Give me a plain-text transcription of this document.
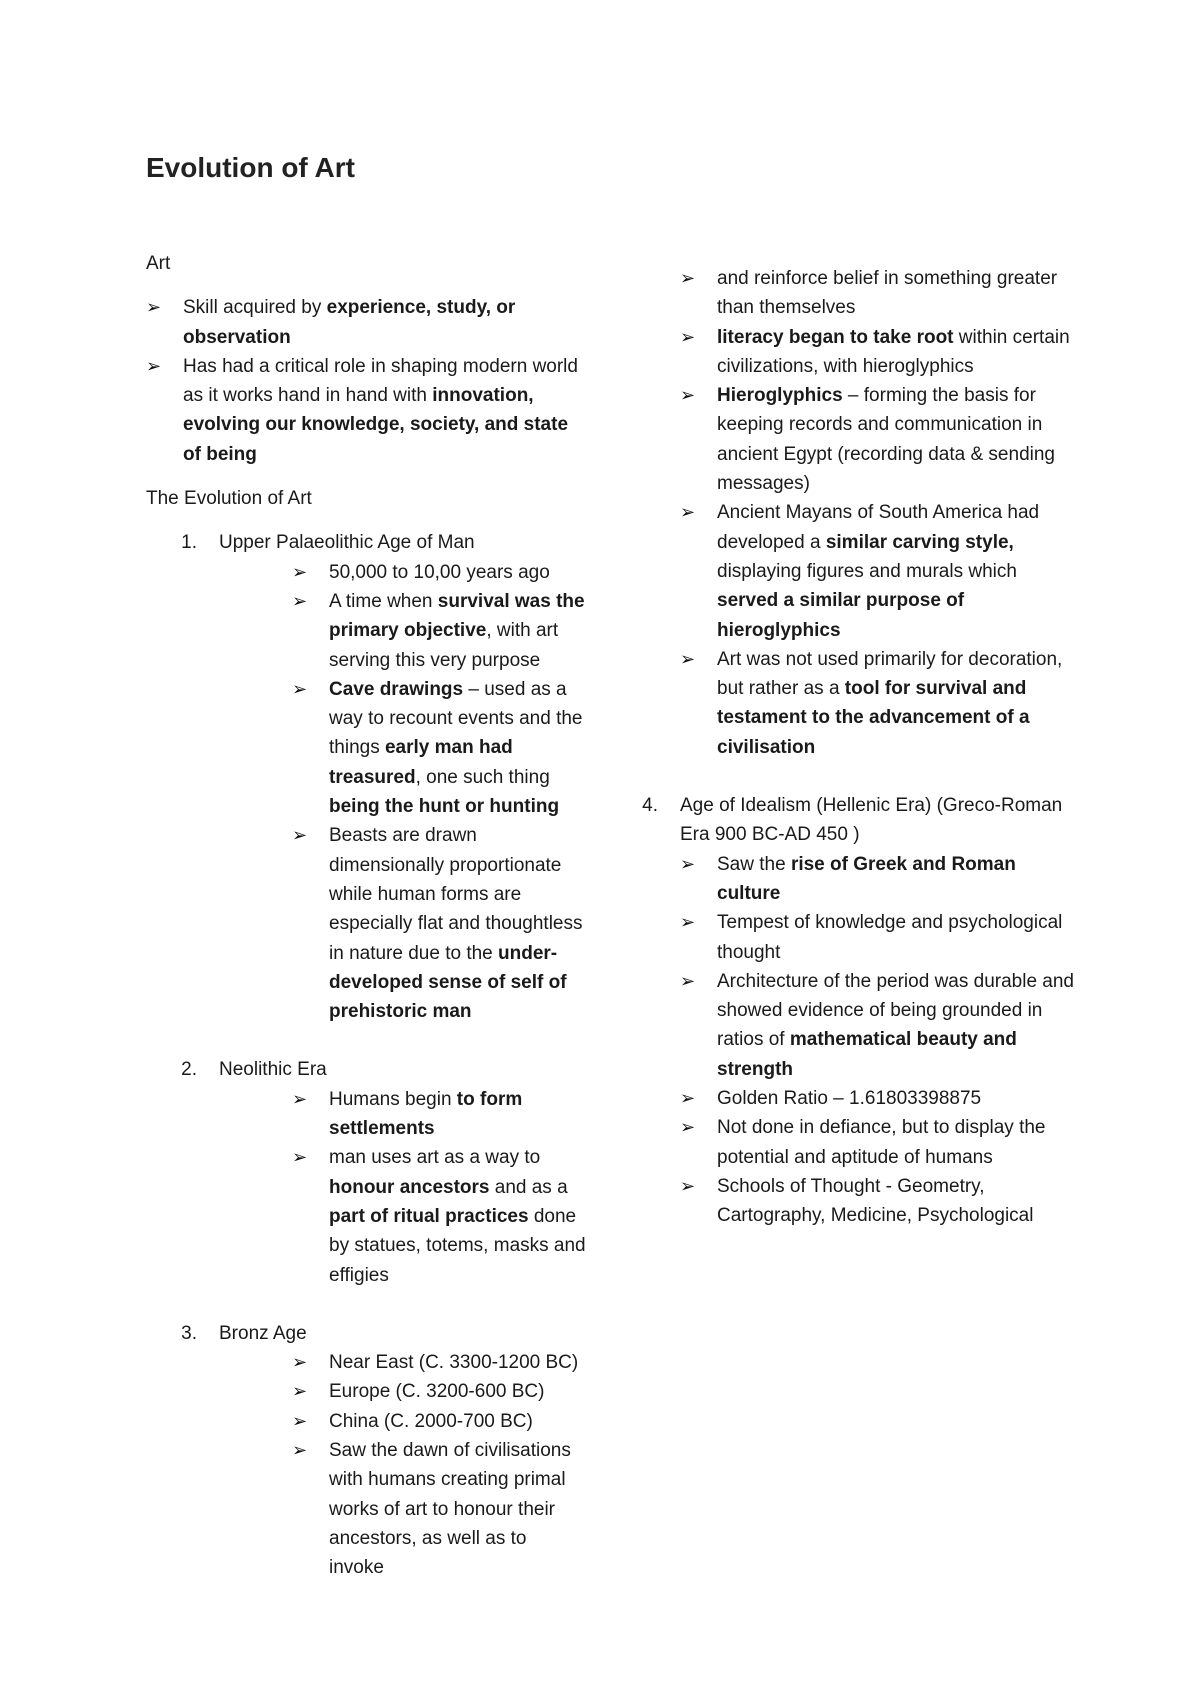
Evolution of Art

Art

➢	Skill acquired by experience, study, or observation
➢	Has had a critical role in shaping modern world as it works hand in hand with innovation, evolving our knowledge, society, and state of being

The Evolution of Art

1.	Upper Palaeolithic Age of Man
➢	50,000 to 10,00 years ago
➢	A time when survival was the primary objective, with art serving this very purpose
➢	Cave drawings – used as a way to recount events and the things early man had treasured, one such thing being the hunt or hunting
➢	Beasts are drawn dimensionally proportionate while human forms are especially flat and thoughtless in nature due to the under-developed sense of self of prehistoric man
2.	Neolithic Era
➢	Humans begin to form settlements
➢	man uses art as a way to honour ancestors and as a part of ritual practices done by statues, totems, masks and effigies
3.	Bronz Age
➢	Near East (C. 3300-1200 BC)
➢	Europe (C. 3200-600 BC)
➢	China (C. 2000-700 BC)
➢	Saw the dawn of civilisations with humans creating primal works of art to honour their ancestors, as well as to invoke
➢	and reinforce belief in something greater than themselves
➢	literacy began to take root within certain civilizations, with hieroglyphics
➢	Hieroglyphics – forming the basis for keeping records and communication in ancient Egypt (recording data & sending messages)
➢	Ancient Mayans of South America had developed a similar carving style, displaying figures and murals which served a similar purpose of hieroglyphics
➢	Art was not used primarily for decoration, but rather as a tool for survival and testament to the advancement of a civilisation
4.	Age of Idealism (Hellenic Era) (Greco-Roman Era 900 BC-AD 450 )
➢	Saw the rise of Greek and Roman culture
➢	Tempest of knowledge and psychological thought
➢	Architecture of the period was durable and showed evidence of being grounded in ratios of mathematical beauty and strength
➢	Golden Ratio – 1.61803398875
➢	Not done in defiance, but to display the potential and aptitude of humans
➢	Schools of Thought - Geometry, Cartography, Medicine, Psychological
